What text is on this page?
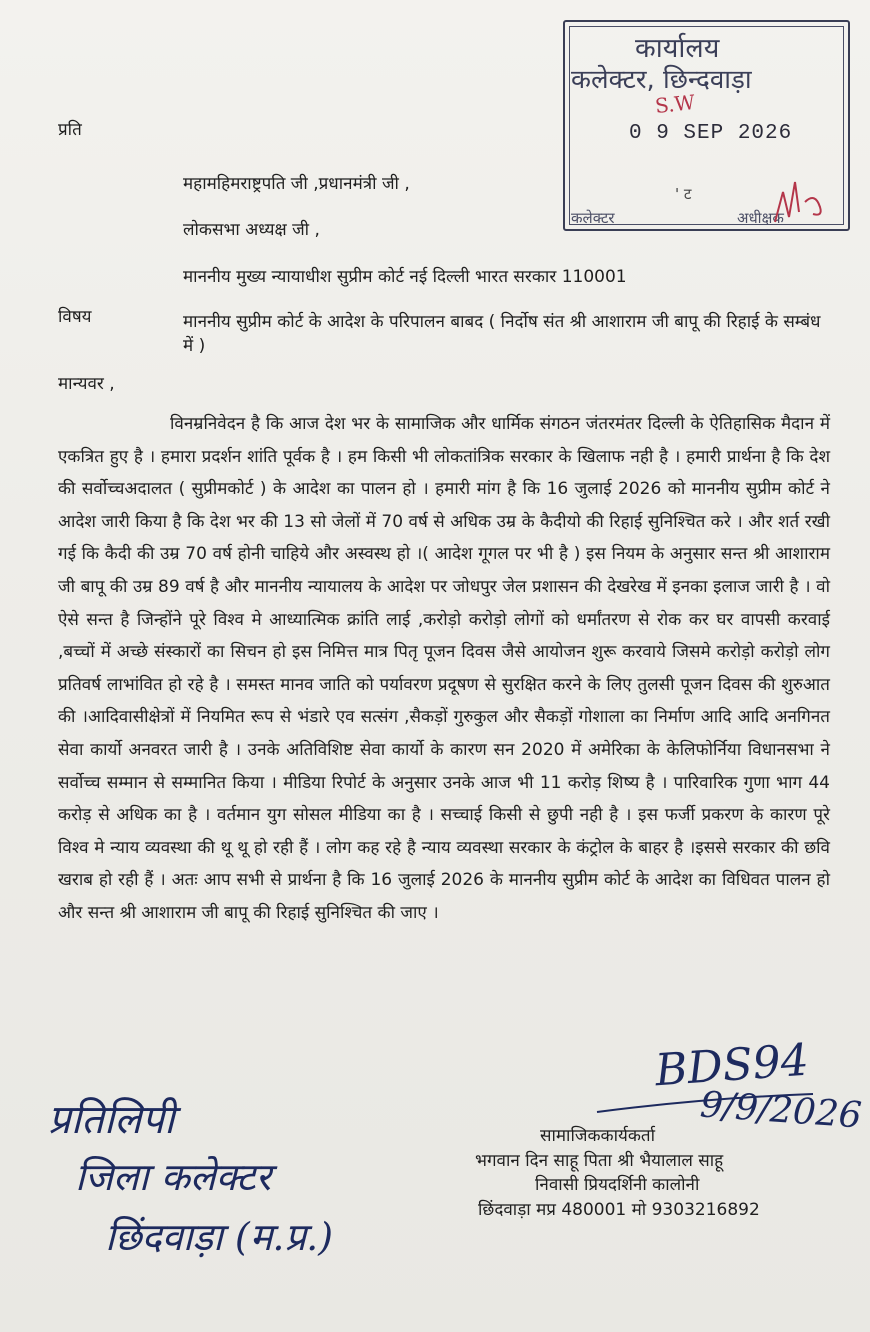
कार्यालय
कलेक्टर, छिन्दवाड़ा
S.W
0 9 SEP 2026
' ट
कलेक्टर	अधीक्षक
प्रति
महामहिमराष्ट्रपति जी ,प्रधानमंत्री जी ,
लोकसभा अध्यक्ष जी ,
माननीय मुख्य न्यायाधीश सुप्रीम कोर्ट नई दिल्ली भारत सरकार 110001
विषय	माननीय सुप्रीम कोर्ट के आदेश के परिपालन बाबद ( निर्दोष संत श्री आशाराम जी बापू की रिहाई के सम्बंध में )
मान्यवर ,
विनम्रनिवेदन है कि आज देश भर के सामाजिक और धार्मिक संगठन जंतरमंतर दिल्ली के ऐतिहासिक मैदान में एकत्रित हुए है । हमारा प्रदर्शन शांति पूर्वक है । हम किसी भी लोकतांत्रिक सरकार के खिलाफ नही है । हमारी प्रार्थना है कि देश की सर्वोच्चअदालत ( सुप्रीमकोर्ट ) के आदेश का पालन हो । हमारी मांग है कि 16 जुलाई 2026 को माननीय सुप्रीम कोर्ट ने आदेश जारी किया है कि देश भर की 13 सो जेलों में 70 वर्ष से अधिक उम्र के कैदीयो की रिहाई सुनिश्चित करे । और शर्त रखी गई कि कैदी की उम्र 70 वर्ष होनी चाहिये और अस्वस्थ हो ।( आदेश गूगल पर भी है ) इस नियम के अनुसार सन्त श्री आशाराम जी बापू की उम्र 89 वर्ष है और माननीय न्यायालय के आदेश पर जोधपुर जेल प्रशासन की देखरेख में इनका इलाज जारी है । वो ऐसे सन्त है जिन्होंने पूरे विश्व मे आध्यात्मिक क्रांति लाई ,करोड़ो करोड़ो लोगों को धर्मांतरण से रोक कर घर वापसी करवाई ,बच्चों में अच्छे संस्कारों का सिचन हो इस निमित्त मात्र पितृ पूजन दिवस जैसे आयोजन शुरू करवाये जिसमे करोड़ो करोड़ो लोग प्रतिवर्ष लाभांवित हो रहे है । समस्त मानव जाति को पर्यावरण प्रदूषण से सुरक्षित करने के लिए तुलसी पूजन दिवस की शुरुआत की ।आदिवासीक्षेत्रों में नियमित रूप से भंडारे एव सत्संग ,सैकड़ों गुरुकुल और सैकड़ों गोशाला का निर्माण आदि आदि अनगिनत सेवा कार्यो अनवरत जारी है । उनके अतिविशिष्ट सेवा कार्यो के कारण सन 2020 में अमेरिका के केलिफोर्निया विधानसभा ने सर्वोच्च सम्मान से सम्मानित किया । मीडिया रिपोर्ट के अनुसार उनके आज भी 11 करोड़ शिष्य है । पारिवारिक गुणा भाग 44 करोड़ से अधिक का है । वर्तमान युग सोसल मीडिया का है । सच्चाई किसी से छुपी नही है । इस फर्जी प्रकरण के कारण पूरे विश्व मे न्याय व्यवस्था की थू थू हो रही हैं । लोग कह रहे है न्याय व्यवस्था सरकार के कंट्रोल के बाहर है ।इससे सरकार की छवि खराब हो रही हैं । अतः आप सभी से प्रार्थना है कि 16 जुलाई 2026 के माननीय सुप्रीम कोर्ट के आदेश का विधिवत पालन हो और सन्त श्री आशाराम जी बापू की रिहाई सुनिश्चित की जाए ।
BDS94
9/9/2026
सामाजिककार्यकर्ता
भगवान दिन साहू पिता श्री भैयालाल साहू
निवासी प्रियदर्शिनी कालोनी
छिंदवाड़ा मप्र 480001 मो 9303216892
प्रतिलिपी
जिला कलेक्टर
छिंदवाड़ा (म.प्र.)
